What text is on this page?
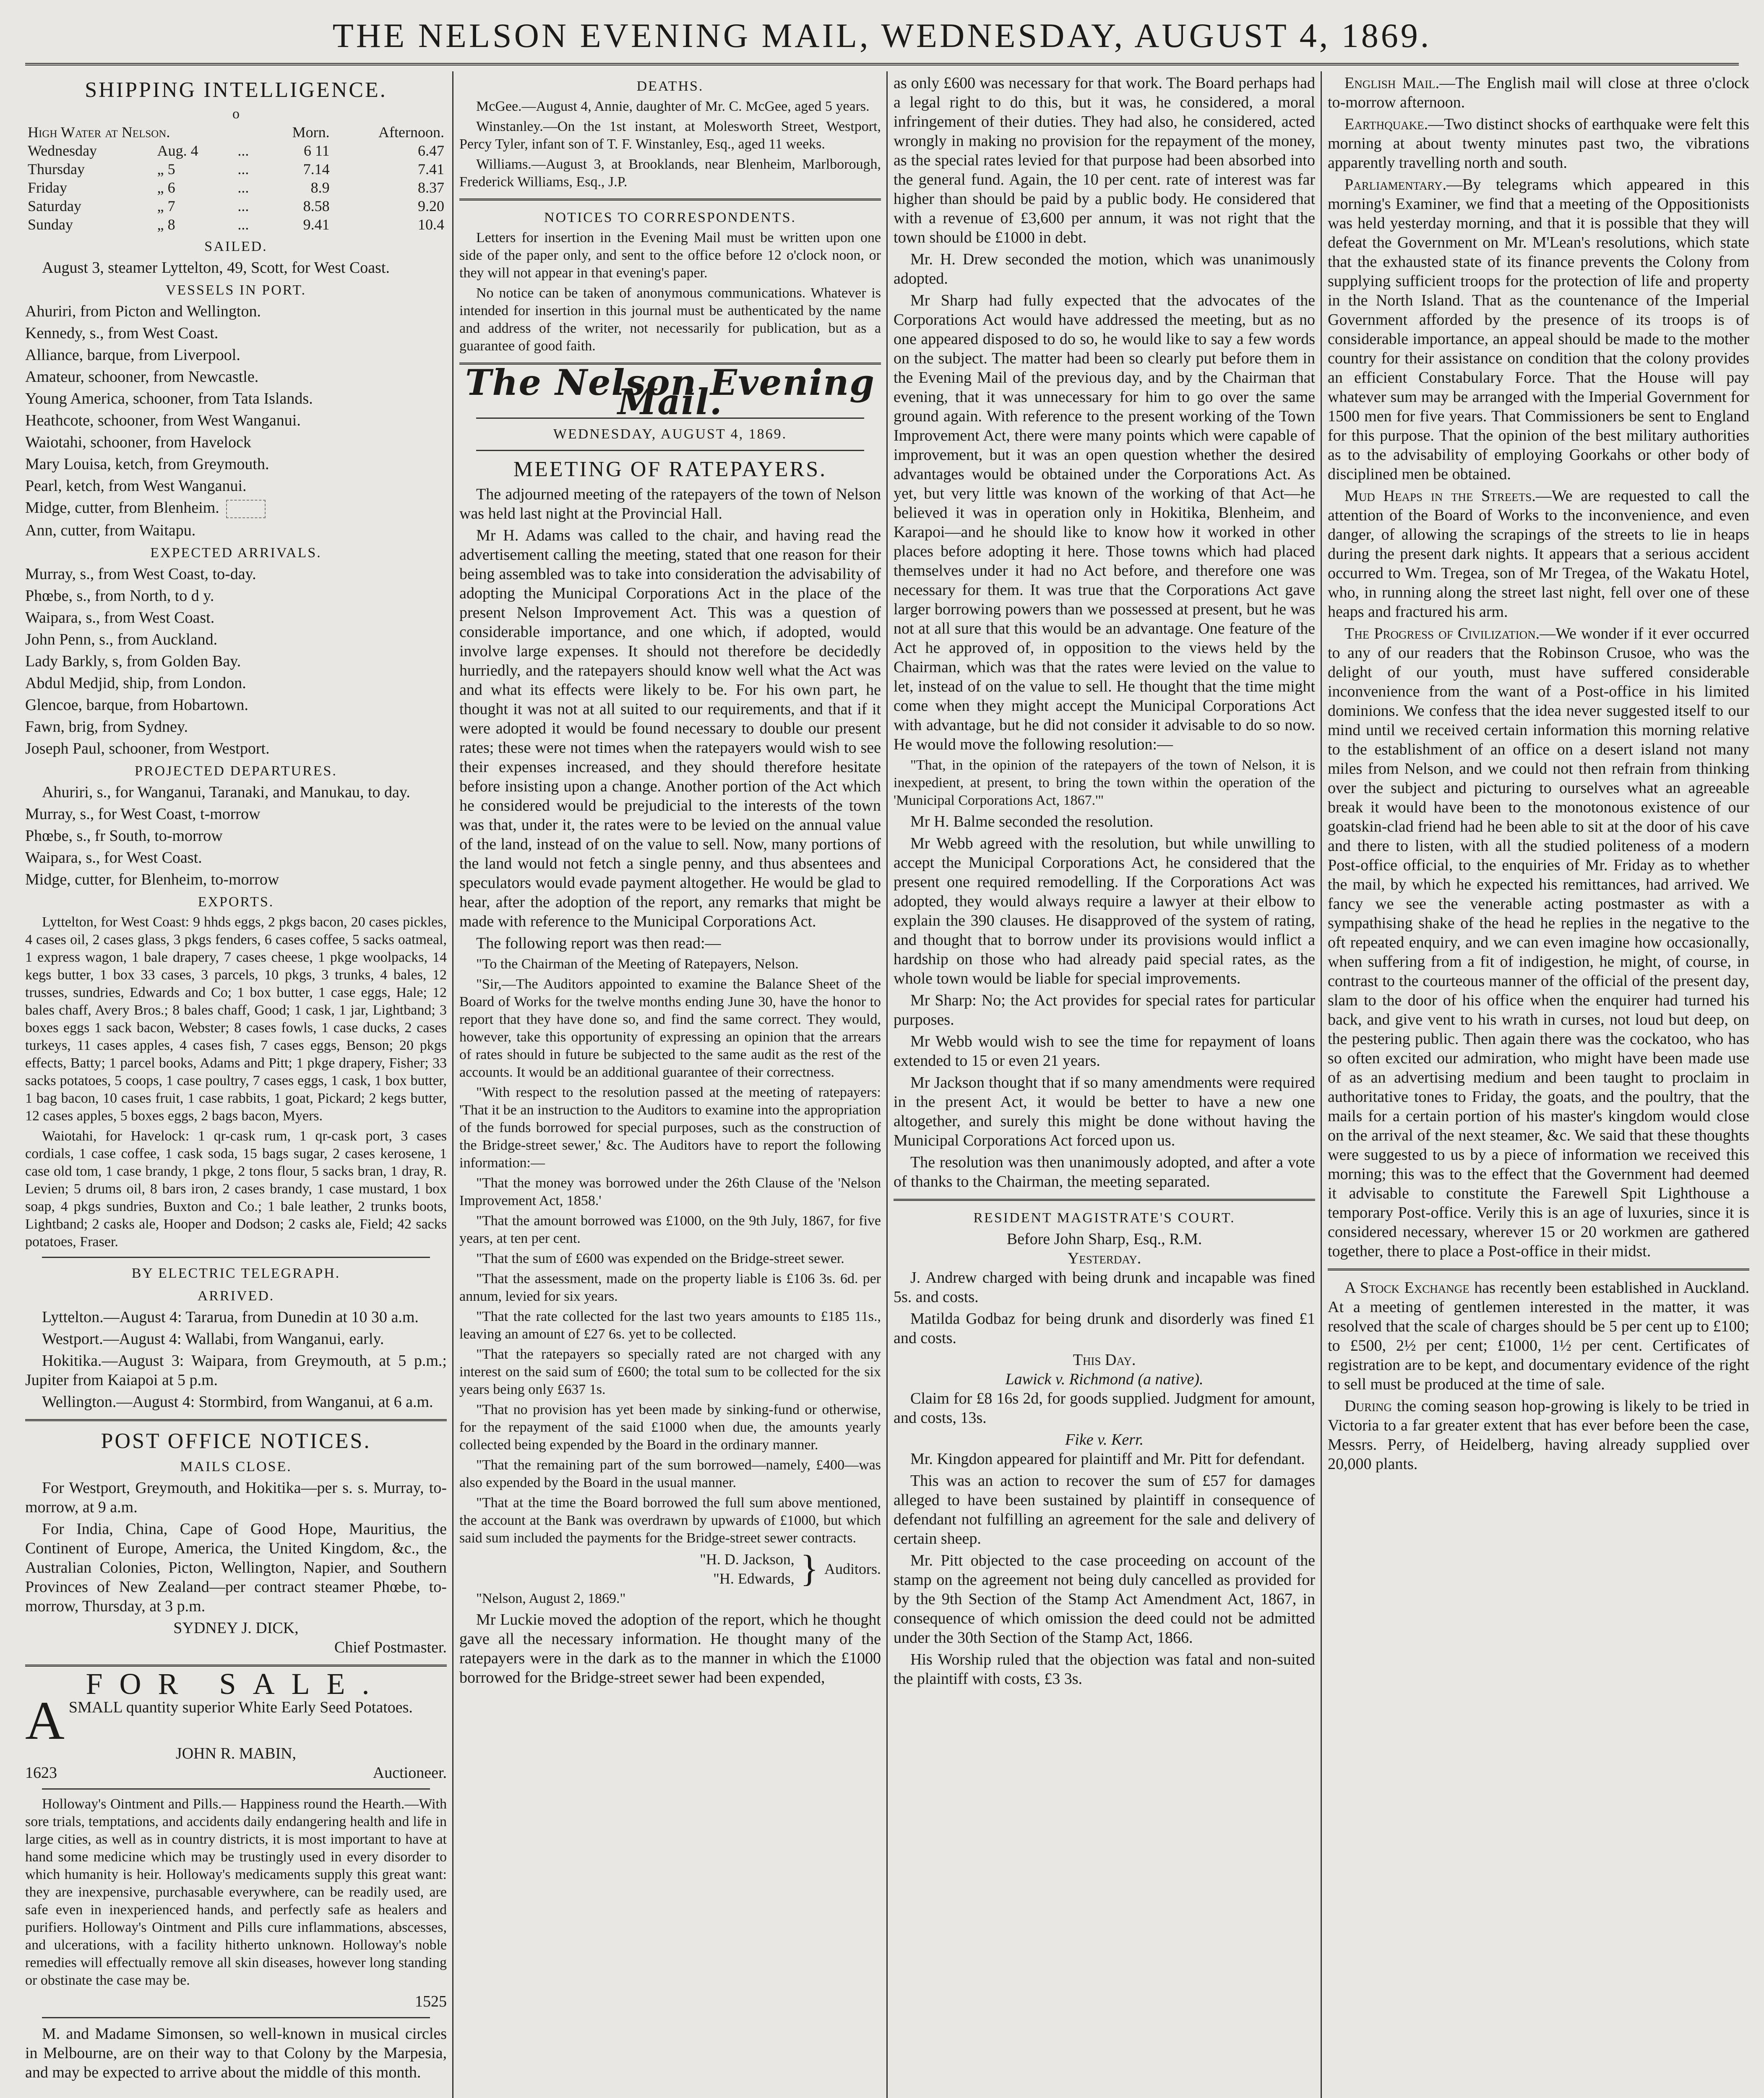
THE NELSON EVENING MAIL, WEDNESDAY, AUGUST 4, 1869.
SHIPPING INTELLIGENCE.
o
High Water at Nelson.			Morn.	Afternoon.
Wednesday	Aug. 4	...	6 11	6.47
Thursday	„ 5	...	7.14	7.41
Friday	„ 6	...	8.9	8.37
Saturday	„ 7	...	8.58	9.20
Sunday	„ 8	...	9.41	10.4
SAILED.

August 3, steamer Lyttelton, 49, Scott, for West Coast.

VESSELS IN PORT.

Ahuriri, from Picton and Wellington.

Kennedy, s., from West Coast.

Alliance, barque, from Liverpool.

Amateur, schooner, from Newcastle.

Young America, schooner, from Tata Islands.

Heathcote, schooner, from West Wanganui.

Waiotahi, schooner, from Havelock

Mary Louisa, ketch, from Greymouth.

Pearl, ketch, from West Wanganui.

Midge, cutter, from Blenheim.

Ann, cutter, from Waitapu.

EXPECTED ARRIVALS.

Murray, s., from West Coast, to-day.

Phœbe, s., from North, to d y.

Waipara, s., from West Coast.

John Penn, s., from Auckland.

Lady Barkly, s, from Golden Bay.

Abdul Medjid, ship, from London.

Glencoe, barque, from Hobartown.

Fawn, brig, from Sydney.

Joseph Paul, schooner, from Westport.

PROJECTED DEPARTURES.

Ahuriri, s., for Wanganui, Taranaki, and Manukau, to day.

Murray, s., for West Coast, t-morrow

Phœbe, s., fr South, to-morrow

Waipara, s., for West Coast.

Midge, cutter, for Blenheim, to-morrow

EXPORTS.

Lyttelton, for West Coast: 9 hhds eggs, 2 pkgs bacon, 20 cases pickles, 4 cases oil, 2 cases glass, 3 pkgs fenders, 6 cases coffee, 5 sacks oatmeal, 1 express wagon, 1 bale drapery, 7 cases cheese, 1 pkge woolpacks, 14 kegs butter, 1 box 33 cases, 3 parcels, 10 pkgs, 3 trunks, 4 bales, 12 trusses, sundries, Edwards and Co; 1 box butter, 1 case eggs, Hale; 12 bales chaff, Avery Bros.; 8 bales chaff, Good; 1 cask, 1 jar, Lightband; 3 boxes eggs 1 sack bacon, Webster; 8 cases fowls, 1 case ducks, 2 cases turkeys, 11 cases apples, 4 cases fish, 7 cases eggs, Benson; 20 pkgs effects, Batty; 1 parcel books, Adams and Pitt; 1 pkge drapery, Fisher; 33 sacks potatoes, 5 coops, 1 case poultry, 7 cases eggs, 1 cask, 1 box butter, 1 bag bacon, 10 cases fruit, 1 case rabbits, 1 goat, Pickard; 2 kegs butter, 12 cases apples, 5 boxes eggs, 2 bags bacon, Myers.

Waiotahi, for Havelock: 1 qr-cask rum, 1 qr-cask port, 3 cases cordials, 1 case coffee, 1 cask soda, 15 bags sugar, 2 cases kerosene, 1 case old tom, 1 case brandy, 1 pkge, 2 tons flour, 5 sacks bran, 1 dray, R. Levien; 5 drums oil, 8 bars iron, 2 cases brandy, 1 case mustard, 1 box soap, 4 pkgs sundries, Buxton and Co.; 1 bale leather, 2 trunks boots, Lightband; 2 casks ale, Hooper and Dodson; 2 casks ale, Field; 42 sacks potatoes, Fraser.

BY ELECTRIC TELEGRAPH.
ARRIVED.

Lyttelton.—August 4: Tararua, from Dunedin at 10 30 a.m.

Westport.—August 4: Wallabi, from Wanganui, early.

Hokitika.—August 3: Waipara, from Greymouth, at 5 p.m.; Jupiter from Kaiapoi at 5 p.m.

Wellington.—August 4: Stormbird, from Wanganui, at 6 a.m.

POST OFFICE NOTICES.
MAILS CLOSE.

For Westport, Greymouth, and Hokitika—per s. s. Murray, to-morrow, at 9 a.m.

For India, China, Cape of Good Hope, Mauritius, the Continent of Europe, America, the United Kingdom, &c., the Australian Colonies, Picton, Wellington, Napier, and Southern Provinces of New Zealand—per contract steamer Phœbe, to-morrow, Thursday, at 3 p.m.

SYDNEY J. DICK,
Chief Postmaster.
FOR SALE.
A SMALL quantity superior White Early Seed Potatoes.

JOHN R. MABIN,
1623	Auctioneer.

Holloway's Ointment and Pills.— Happiness round the Hearth.—With sore trials, temptations, and accidents daily endangering health and life in large cities, as well as in country districts, it is most important to have at hand some medicine which may be trustingly used in every disorder to which humanity is heir. Holloway's medicaments supply this great want: they are inexpensive, purchasable everywhere, can be readily used, are safe even in inexperienced hands, and perfectly safe as healers and purifiers. Holloway's Ointment and Pills cure inflammations, abscesses, and ulcerations, with a facility hitherto unknown. Holloway's noble remedies will effectually remove all skin diseases, however long standing or obstinate the case may be.

1525

M. and Madame Simonsen, so well-known in musical circles in Melbourne, are on their way to that Colony by the Marpesia, and may be expected to arrive about the middle of this month.

DEATHS.

McGee.—August 4, Annie, daughter of Mr. C. McGee, aged 5 years.

Winstanley.—On the 1st instant, at Molesworth Street, Westport, Percy Tyler, infant son of T. F. Winstanley, Esq., aged 11 weeks.

Williams.—August 3, at Brooklands, near Blenheim, Marlborough, Frederick Williams, Esq., J.P.

NOTICES TO CORRESPONDENTS.

Letters for insertion in the Evening Mail must be written upon one side of the paper only, and sent to the office before 12 o'clock noon, or they will not appear in that evening's paper.

No notice can be taken of anonymous communications. Whatever is intended for insertion in this journal must be authenticated by the name and address of the writer, not necessarily for publication, but as a guarantee of good faith.

The Nelson Evening Mail.
WEDNESDAY, AUGUST 4, 1869.
MEETING OF RATEPAYERS.

The adjourned meeting of the ratepayers of the town of Nelson was held last night at the Provincial Hall.

Mr H. Adams was called to the chair, and having read the advertisement calling the meeting, stated that one reason for their being assembled was to take into consideration the advisability of adopting the Municipal Corporations Act in the place of the present Nelson Improvement Act. This was a question of considerable importance, and one which, if adopted, would involve large expenses. It should not therefore be decidedly hurriedly, and the ratepayers should know well what the Act was and what its effects were likely to be. For his own part, he thought it was not at all suited to our requirements, and that if it were adopted it would be found necessary to double our present rates; these were not times when the ratepayers would wish to see their expenses increased, and they should therefore hesitate before insisting upon a change. Another portion of the Act which he considered would be prejudicial to the interests of the town was that, under it, the rates were to be levied on the annual value of the land, instead of on the value to sell. Now, many portions of the land would not fetch a single penny, and thus absentees and speculators would evade payment altogether. He would be glad to hear, after the adoption of the report, any remarks that might be made with reference to the Municipal Corporations Act.

The following report was then read:—

"To the Chairman of the Meeting of Ratepayers, Nelson.

"Sir,—The Auditors appointed to examine the Balance Sheet of the Board of Works for the twelve months ending June 30, have the honor to report that they have done so, and find the same correct. They would, however, take this opportunity of expressing an opinion that the arrears of rates should in future be subjected to the same audit as the rest of the accounts. It would be an additional guarantee of their correctness.

"With respect to the resolution passed at the meeting of ratepayers: 'That it be an instruction to the Auditors to examine into the appropriation of the funds borrowed for special purposes, such as the construction of the Bridge-street sewer,' &c. The Auditors have to report the following information:—

"That the money was borrowed under the 26th Clause of the 'Nelson Improvement Act, 1858.'

"That the amount borrowed was £1000, on the 9th July, 1867, for five years, at ten per cent.

"That the sum of £600 was expended on the Bridge-street sewer.

"That the assessment, made on the property liable is £106 3s. 6d. per annum, levied for six years.

"That the rate collected for the last two years amounts to £185 11s., leaving an amount of £27 6s. yet to be collected.

"That the ratepayers so specially rated are not charged with any interest on the said sum of £600; the total sum to be collected for the six years being only £637 1s.

"That no provision has yet been made by sinking-fund or otherwise, for the repayment of the said £1000 when due, the amounts yearly collected being expended by the Board in the ordinary manner.

"That the remaining part of the sum borrowed—namely, £400—was also expended by the Board in the usual manner.

"That at the time the Board borrowed the full sum above mentioned, the account at the Bank was overdrawn by upwards of £1000, but which said sum included the payments for the Bridge-street sewer contracts.

"H. D. Jackson,
"H. Edwards, } Auditors.

"Nelson, August 2, 1869."

Mr Luckie moved the adoption of the report, which he thought gave all the necessary information. He thought many of the ratepayers were in the dark as to the manner in which the £1000 borrowed for the Bridge-street sewer had been expended,

as only £600 was necessary for that work. The Board perhaps had a legal right to do this, but it was, he considered, a moral infringement of their duties. They had also, he considered, acted wrongly in making no provision for the repayment of the money, as the special rates levied for that purpose had been absorbed into the general fund. Again, the 10 per cent. rate of interest was far higher than should be paid by a public body. He considered that with a revenue of £3,600 per annum, it was not right that the town should be £1000 in debt.

Mr. H. Drew seconded the motion, which was unanimously adopted.

Mr Sharp had fully expected that the advocates of the Corporations Act would have addressed the meeting, but as no one appeared disposed to do so, he would like to say a few words on the subject. The matter had been so clearly put before them in the Evening Mail of the previous day, and by the Chairman that evening, that it was unnecessary for him to go over the same ground again. With reference to the present working of the Town Improvement Act, there were many points which were capable of improvement, but it was an open question whether the desired advantages would be obtained under the Corporations Act. As yet, but very little was known of the working of that Act—he believed it was in operation only in Hokitika, Blenheim, and Karapoi—and he should like to know how it worked in other places before adopting it here. Those towns which had placed themselves under it had no Act before, and therefore one was necessary for them. It was true that the Corporations Act gave larger borrowing powers than we possessed at present, but he was not at all sure that this would be an advantage. One feature of the Act he approved of, in opposition to the views held by the Chairman, which was that the rates were levied on the value to let, instead of on the value to sell. He thought that the time might come when they might accept the Municipal Corporations Act with advantage, but he did not consider it advisable to do so now. He would move the following resolution:—

"That, in the opinion of the ratepayers of the town of Nelson, it is inexpedient, at present, to bring the town within the operation of the 'Municipal Corporations Act, 1867.'"

Mr H. Balme seconded the resolution.

Mr Webb agreed with the resolution, but while unwilling to accept the Municipal Corporations Act, he considered that the present one required remodelling. If the Corporations Act was adopted, they would always require a lawyer at their elbow to explain the 390 clauses. He disapproved of the system of rating, and thought that to borrow under its provisions would inflict a hardship on those who had already paid special rates, as the whole town would be liable for special improvements.

Mr Sharp: No; the Act provides for special rates for particular purposes.

Mr Webb would wish to see the time for repayment of loans extended to 15 or even 21 years.

Mr Jackson thought that if so many amendments were required in the present Act, it would be better to have a new one altogether, and surely this might be done without having the Municipal Corporations Act forced upon us.

The resolution was then unanimously adopted, and after a vote of thanks to the Chairman, the meeting separated.

RESIDENT MAGISTRATE'S COURT.
Before John Sharp, Esq., R.M.
Yesterday.

J. Andrew charged with being drunk and incapable was fined 5s. and costs.

Matilda Godbaz for being drunk and disorderly was fined £1 and costs.

This Day.
Lawick v. Richmond (a native).

Claim for £8 16s 2d, for goods supplied. Judgment for amount, and costs, 13s.

Fike v. Kerr.

Mr. Kingdon appeared for plaintiff and Mr. Pitt for defendant.

This was an action to recover the sum of £57 for damages alleged to have been sustained by plaintiff in consequence of defendant not fulfilling an agreement for the sale and delivery of certain sheep.

Mr. Pitt objected to the case proceeding on account of the stamp on the agreement not being duly cancelled as provided for by the 9th Section of the Stamp Act Amendment Act, 1867, in consequence of which omission the deed could not be admitted under the 30th Section of the Stamp Act, 1866.

His Worship ruled that the objection was fatal and non-suited the plaintiff with costs, £3 3s.

English Mail.—The English mail will close at three o'clock to-morrow afternoon.

Earthquake.—Two distinct shocks of earthquake were felt this morning at about twenty minutes past two, the vibrations apparently travelling north and south.

Parliamentary.—By telegrams which appeared in this morning's Examiner, we find that a meeting of the Oppositionists was held yesterday morning, and that it is possible that they will defeat the Government on Mr. M'Lean's resolutions, which state that the exhausted state of its finance prevents the Colony from supplying sufficient troops for the protection of life and property in the North Island. That as the countenance of the Imperial Government afforded by the presence of its troops is of considerable importance, an appeal should be made to the mother country for their assistance on condition that the colony provides an efficient Constabulary Force. That the House will pay whatever sum may be arranged with the Imperial Government for 1500 men for five years. That Commissioners be sent to England for this purpose. That the opinion of the best military authorities as to the advisability of employing Goorkahs or other body of disciplined men be obtained.

Mud Heaps in the Streets.—We are requested to call the attention of the Board of Works to the inconvenience, and even danger, of allowing the scrapings of the streets to lie in heaps during the present dark nights. It appears that a serious accident occurred to Wm. Tregea, son of Mr Tregea, of the Wakatu Hotel, who, in running along the street last night, fell over one of these heaps and fractured his arm.

The Progress of Civilization.—We wonder if it ever occurred to any of our readers that the Robinson Crusoe, who was the delight of our youth, must have suffered considerable inconvenience from the want of a Post-office in his limited dominions. We confess that the idea never suggested itself to our mind until we received certain information this morning relative to the establishment of an office on a desert island not many miles from Nelson, and we could not then refrain from thinking over the subject and picturing to ourselves what an agreeable break it would have been to the monotonous existence of our goatskin-clad friend had he been able to sit at the door of his cave and there to listen, with all the studied politeness of a modern Post-office official, to the enquiries of Mr. Friday as to whether the mail, by which he expected his remittances, had arrived. We fancy we see the venerable acting postmaster as with a sympathising shake of the head he replies in the negative to the oft repeated enquiry, and we can even imagine how occasionally, when suffering from a fit of indigestion, he might, of course, in contrast to the courteous manner of the official of the present day, slam to the door of his office when the enquirer had turned his back, and give vent to his wrath in curses, not loud but deep, on the pestering public. Then again there was the cockatoo, who has so often excited our admiration, who might have been made use of as an advertising medium and been taught to proclaim in authoritative tones to Friday, the goats, and the poultry, that the mails for a certain portion of his master's kingdom would close on the arrival of the next steamer, &c. We said that these thoughts were suggested to us by a piece of information we received this morning; this was to the effect that the Government had deemed it advisable to constitute the Farewell Spit Lighthouse a temporary Post-office. Verily this is an age of luxuries, since it is considered necessary, wherever 15 or 20 workmen are gathered together, there to place a Post-office in their midst.

A Stock Exchange has recently been established in Auckland. At a meeting of gentlemen interested in the matter, it was resolved that the scale of charges should be 5 per cent up to £100; to £500, 2½ per cent; £1000, 1½ per cent. Certificates of registration are to be kept, and documentary evidence of the right to sell must be produced at the time of sale.

During the coming season hop-growing is likely to be tried in Victoria to a far greater extent that has ever before been the case, Messrs. Perry, of Heidelberg, having already supplied over 20,000 plants.
